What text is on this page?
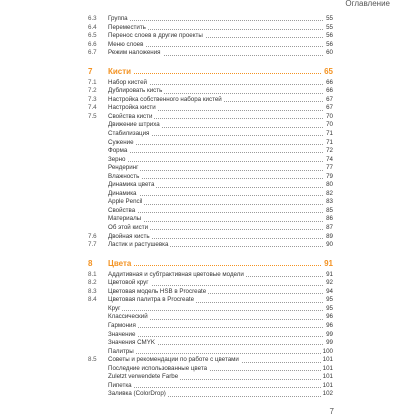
Оглавление
6.3 Группа	55
6.4 Переместить	55
6.5 Перенос слоев в другие проекты	56
6.6 Меню слоев	56
6.7 Режим наложения	60
7 Кисти	65
7.1 Набор кистей	66
7.2 Дублировать кисть	66
7.3 Настройка собственного набора кистей	67
7.4 Настройка кисти	67
7.5 Свойства кисти	70
Движение штриха	70
Стабилизация	71
Сужение	71
Форма	72
Зерно	74
Рендеринг	77
Влажность	79
Динамика цвета	80
Динамика	82
Apple Pencil	83
Свойства	85
Материалы	86
Об этой кисти	87
7.6 Двойная кисть	89
7.7 Ластик и растушевка	90
8 Цвета	91
8.1 Аддитивная и субтрактивная цветовые модели	91
8.2 Цветовой круг	92
8.3 Цветовая модель HSB в Procreate	94
8.4 Цветовая палитра в Procreate	95
Круг	95
Классический	96
Гармония	96
Значение	99
Значения CMYK	99
Палитры	100
8.5 Советы и рекомендации по работе с цветами	101
Последние использованные цвета	101
Zuletzt verwendete Farbe	101
Пипетка	101
Заливка (ColorDrop)	102
7
